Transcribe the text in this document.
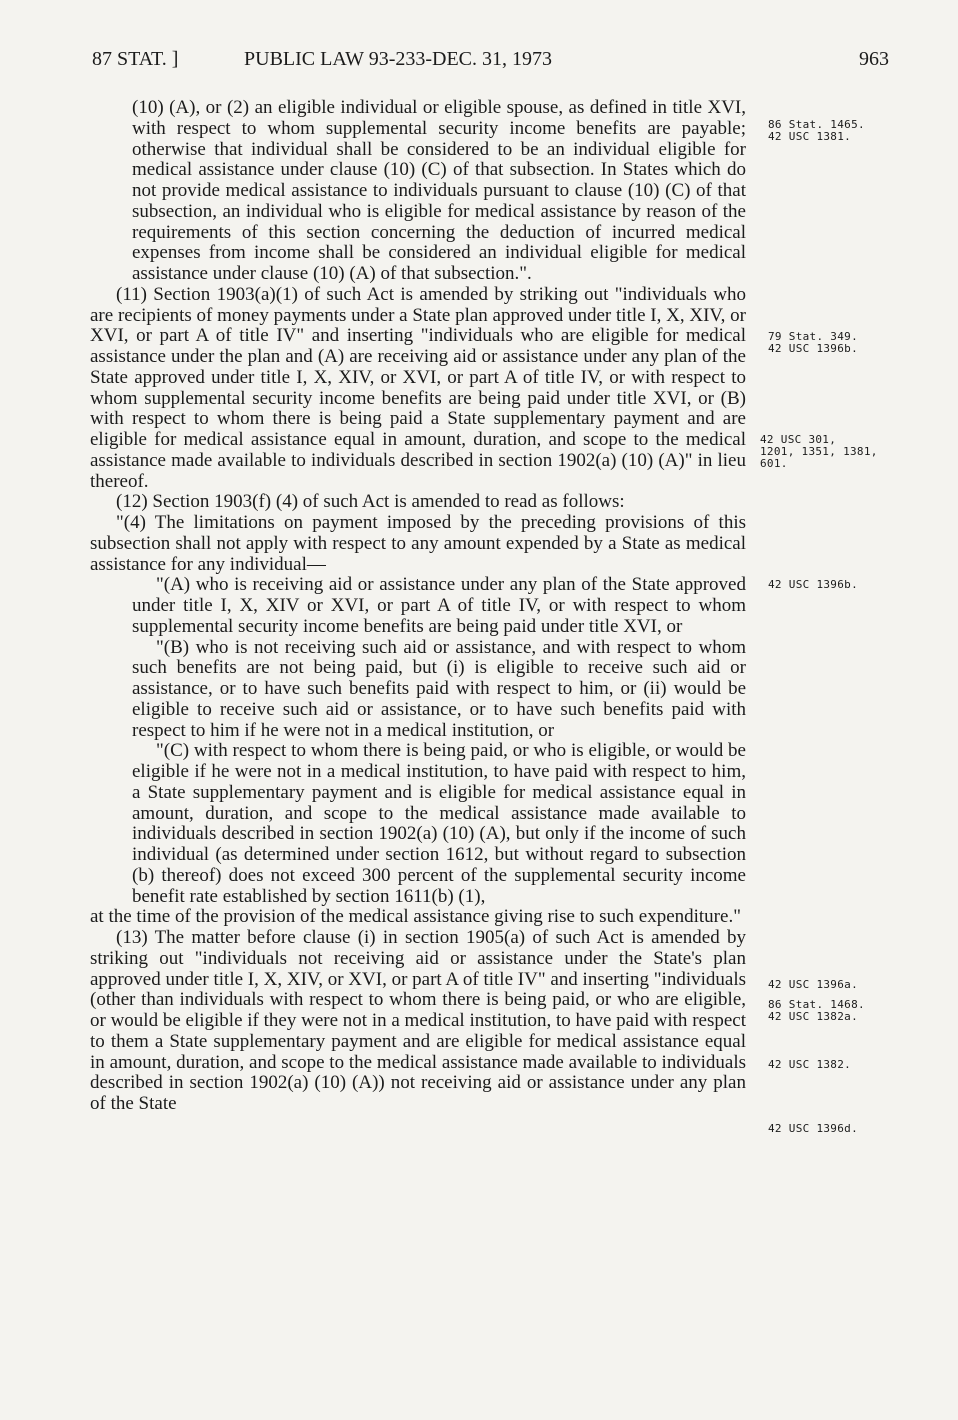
87 STAT. ]	PUBLIC LAW 93-233-DEC. 31, 1973	963

(10) (A), or (2) an eligible individual or eligible spouse, as defined in title XVI, with respect to whom supplemental security income benefits are payable; otherwise that individual shall be considered to be an individual eligible for medical assistance under clause (10) (C) of that subsection. In States which do not provide medical assistance to individuals pursuant to clause (10) (C) of that subsection, an individual who is eligible for medical assistance by reason of the requirements of this section concerning the deduction of incurred medical expenses from income shall be considered an individual eligible for medical assistance under clause (10) (A) of that subsection.".

(11) Section 1903(a)(1) of such Act is amended by striking out "individuals who are recipients of money payments under a State plan approved under title I, X, XIV, or XVI, or part A of title IV" and inserting "individuals who are eligible for medical assistance under the plan and (A) are receiving aid or assistance under any plan of the State approved under title I, X, XIV, or XVI, or part A of title IV, or with respect to whom supplemental security income benefits are being paid under title XVI, or (B) with respect to whom there is being paid a State supplementary payment and are eligible for medical assistance equal in amount, duration, and scope to the medical assistance made available to individuals described in section 1902(a) (10) (A)" in lieu thereof.

(12) Section 1903(f) (4) of such Act is amended to read as follows:

"(4) The limitations on payment imposed by the preceding provisions of this subsection shall not apply with respect to any amount expended by a State as medical assistance for any individual—

"(A) who is receiving aid or assistance under any plan of the State approved under title I, X, XIV or XVI, or part A of title IV, or with respect to whom supplemental security income benefits are being paid under title XVI, or

"(B) who is not receiving such aid or assistance, and with respect to whom such benefits are not being paid, but (i) is eligible to receive such aid or assistance, or to have such benefits paid with respect to him, or (ii) would be eligible to receive such aid or assistance, or to have such benefits paid with respect to him if he were not in a medical institution, or

"(C) with respect to whom there is being paid, or who is eligible, or would be eligible if he were not in a medical institution, to have paid with respect to him, a State supplementary payment and is eligible for medical assistance equal in amount, duration, and scope to the medical assistance made available to individuals described in section 1902(a) (10) (A), but only if the income of such individual (as determined under section 1612, but without regard to subsection (b) thereof) does not exceed 300 percent of the supplemental security income benefit rate established by section 1611(b) (1),

at the time of the provision of the medical assistance giving rise to such expenditure."

(13) The matter before clause (i) in section 1905(a) of such Act is amended by striking out "individuals not receiving aid or assistance under the State's plan approved under title I, X, XIV, or XVI, or part A of title IV" and inserting "individuals (other than individuals with respect to whom there is being paid, or who are eligible, or would be eligible if they were not in a medical institution, to have paid with respect to them a State supplementary payment and are eligible for medical assistance equal in amount, duration, and scope to the medical assistance made available to individuals described in section 1902(a) (10) (A)) not receiving aid or assistance under any plan of the State

86 Stat. 1465.
42 USC 1381.
79 Stat. 349.
42 USC 1396b.
42 USC 301,
1201, 1351, 1381,
601.
42 USC 1396b.
42 USC 1396a.
86 Stat. 1468.
42 USC 1382a.
42 USC 1382.
42 USC 1396d.
